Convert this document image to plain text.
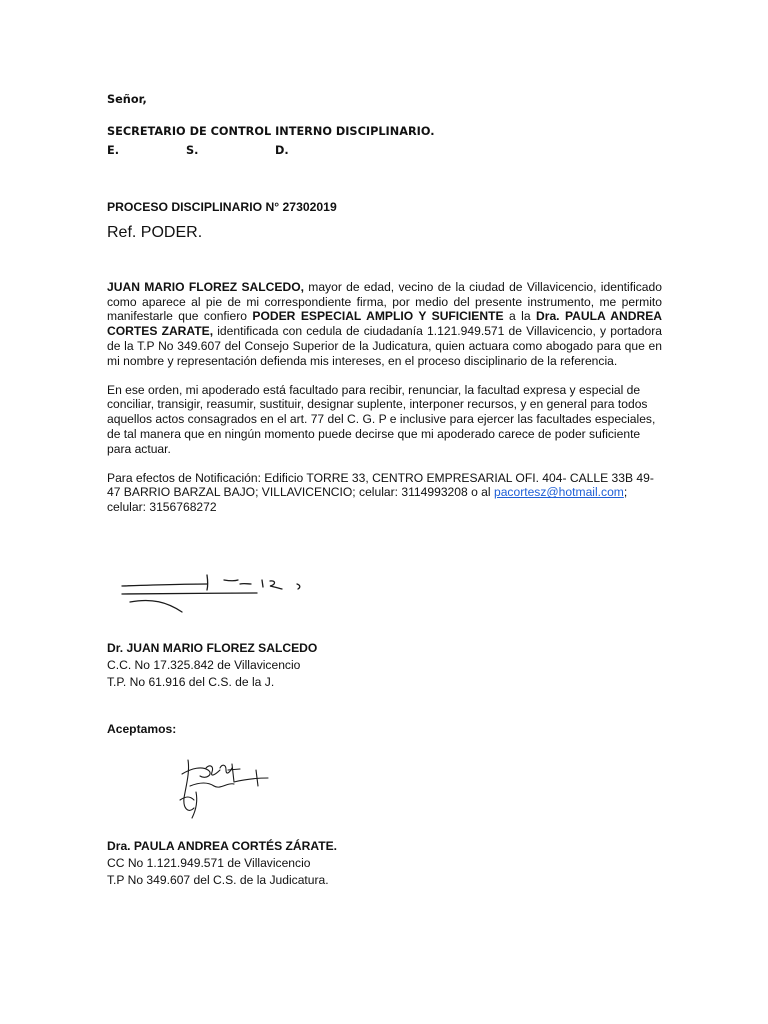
Señor,
SECRETARIO DE CONTROL INTERNO DISCIPLINARIO.
E.	S.	D.
PROCESO DISCIPLINARIO N° 27302019
Ref. PODER.

JUAN MARIO FLOREZ SALCEDO, mayor de edad, vecino de la ciudad de Villavicencio, identificado como aparece al pie de mi correspondiente firma, por medio del presente instrumento, me permito manifestarle que confiero PODER ESPECIAL AMPLIO Y SUFICIENTE a la Dra. PAULA ANDREA CORTES ZARATE, identificada con cedula de ciudadanía 1.121.949.571 de Villavicencio, y portadora de la T.P No 349.607 del Consejo Superior de la Judicatura, quien actuara como abogado para que en mi nombre y representación defienda mis intereses, en el proceso disciplinario de la referencia.

En ese orden, mi apoderado está facultado para recibir, renunciar, la facultad expresa y especial de conciliar, transigir, reasumir, sustituir, designar suplente, interponer recursos, y en general para todos aquellos actos consagrados en el art. 77 del C. G. P e inclusive para ejercer las facultades especiales, de tal manera que en ningún momento puede decirse que mi apoderado carece de poder suficiente para actuar.

Para efectos de Notificación: Edificio TORRE 33, CENTRO EMPRESARIAL OFI. 404- CALLE 33B 49-47 BARRIO BARZAL BAJO; VILLAVICENCIO; celular: 3114993208 o al pacortesz@hotmail.com; celular: 3156768272

Dr. JUAN MARIO FLOREZ SALCEDO
C.C. No 17.325.842 de Villavicencio
T.P. No 61.916 del C.S. de la J.
Aceptamos:
Dra. PAULA ANDREA CORTÉS ZÁRATE.
CC No 1.121.949.571 de Villavicencio
T.P No 349.607 del C.S. de la Judicatura.
